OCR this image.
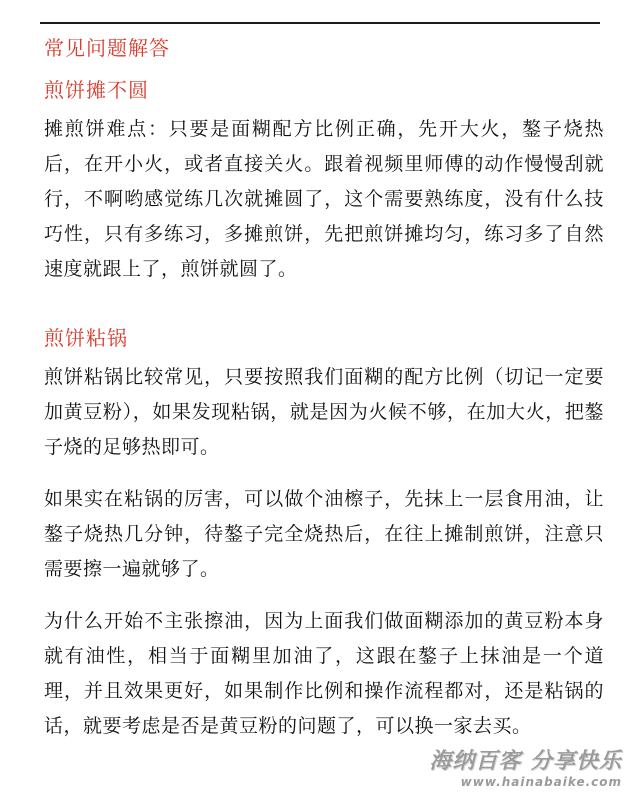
常见问题解答
煎饼摊不圆

摊煎饼难点：只要是面糊配方比例正确，先开大火，鏊子烧热后，在开小火，或者直接关火。跟着视频里师傅的动作慢慢刮就行，不啊哟感觉练几次就摊圆了，这个需要熟练度，没有什么技巧性，只有多练习，多摊煎饼，先把煎饼摊均匀，练习多了自然速度就跟上了，煎饼就圆了。

煎饼粘锅

煎饼粘锅比较常见，只要按照我们面糊的配方比例（切记一定要加黄豆粉），如果发现粘锅，就是因为火候不够，在加大火，把鏊子烧的足够热即可。

如果实在粘锅的厉害，可以做个油檫子，先抹上一层食用油，让鏊子烧热几分钟，待鏊子完全烧热后，在往上摊制煎饼，注意只需要擦一遍就够了。

为什么开始不主张擦油，因为上面我们做面糊添加的黄豆粉本身就有油性，相当于面糊里加油了，这跟在鏊子上抹油是一个道理，并且效果更好，如果制作比例和操作流程都对，还是粘锅的话，就要考虑是否是黄豆粉的问题了，可以换一家去买。

海纳百客 分享快乐
www.hainabaike.com
